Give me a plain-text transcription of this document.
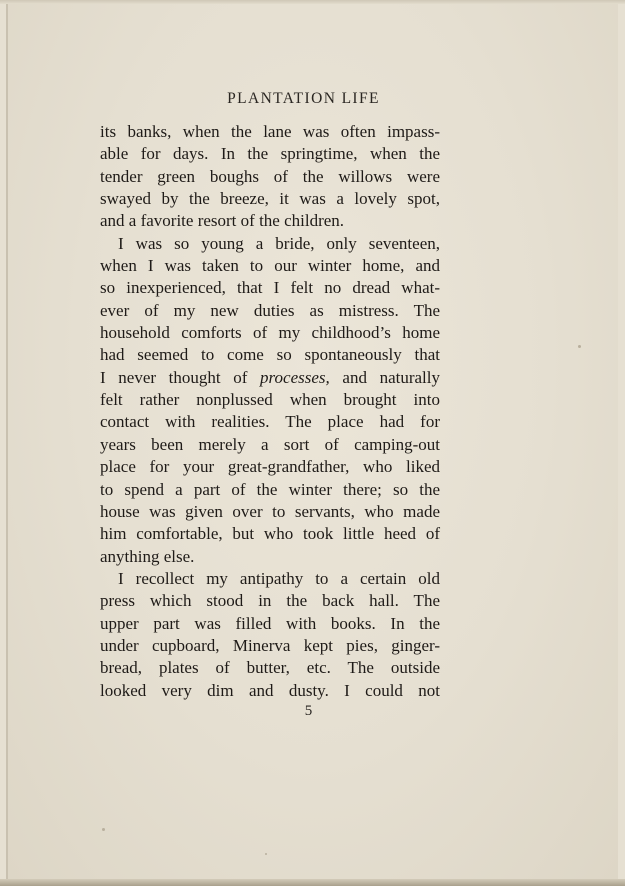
PLANTATION LIFE
its banks, when the lane was often impass-
able for days. In the springtime, when the
tender green boughs of the willows were
swayed by the breeze, it was a lovely spot,
and a favorite resort of the children.
I was so young a bride, only seventeen,
when I was taken to our winter home, and
so inexperienced, that I felt no dread what-
ever of my new duties as mistress. The
household comforts of my childhood’s home
had seemed to come so spontaneously that
I never thought of processes, and naturally
felt rather nonplussed when brought into
contact with realities. The place had for
years been merely a sort of camping-out
place for your great-grandfather, who liked
to spend a part of the winter there; so the
house was given over to servants, who made
him comfortable, but who took little heed of
anything else.
I recollect my antipathy to a certain old
press which stood in the back hall. The
upper part was filled with books. In the
under cupboard, Minerva kept pies, ginger-
bread, plates of butter, etc. The outside
looked very dim and dusty. I could not
5
